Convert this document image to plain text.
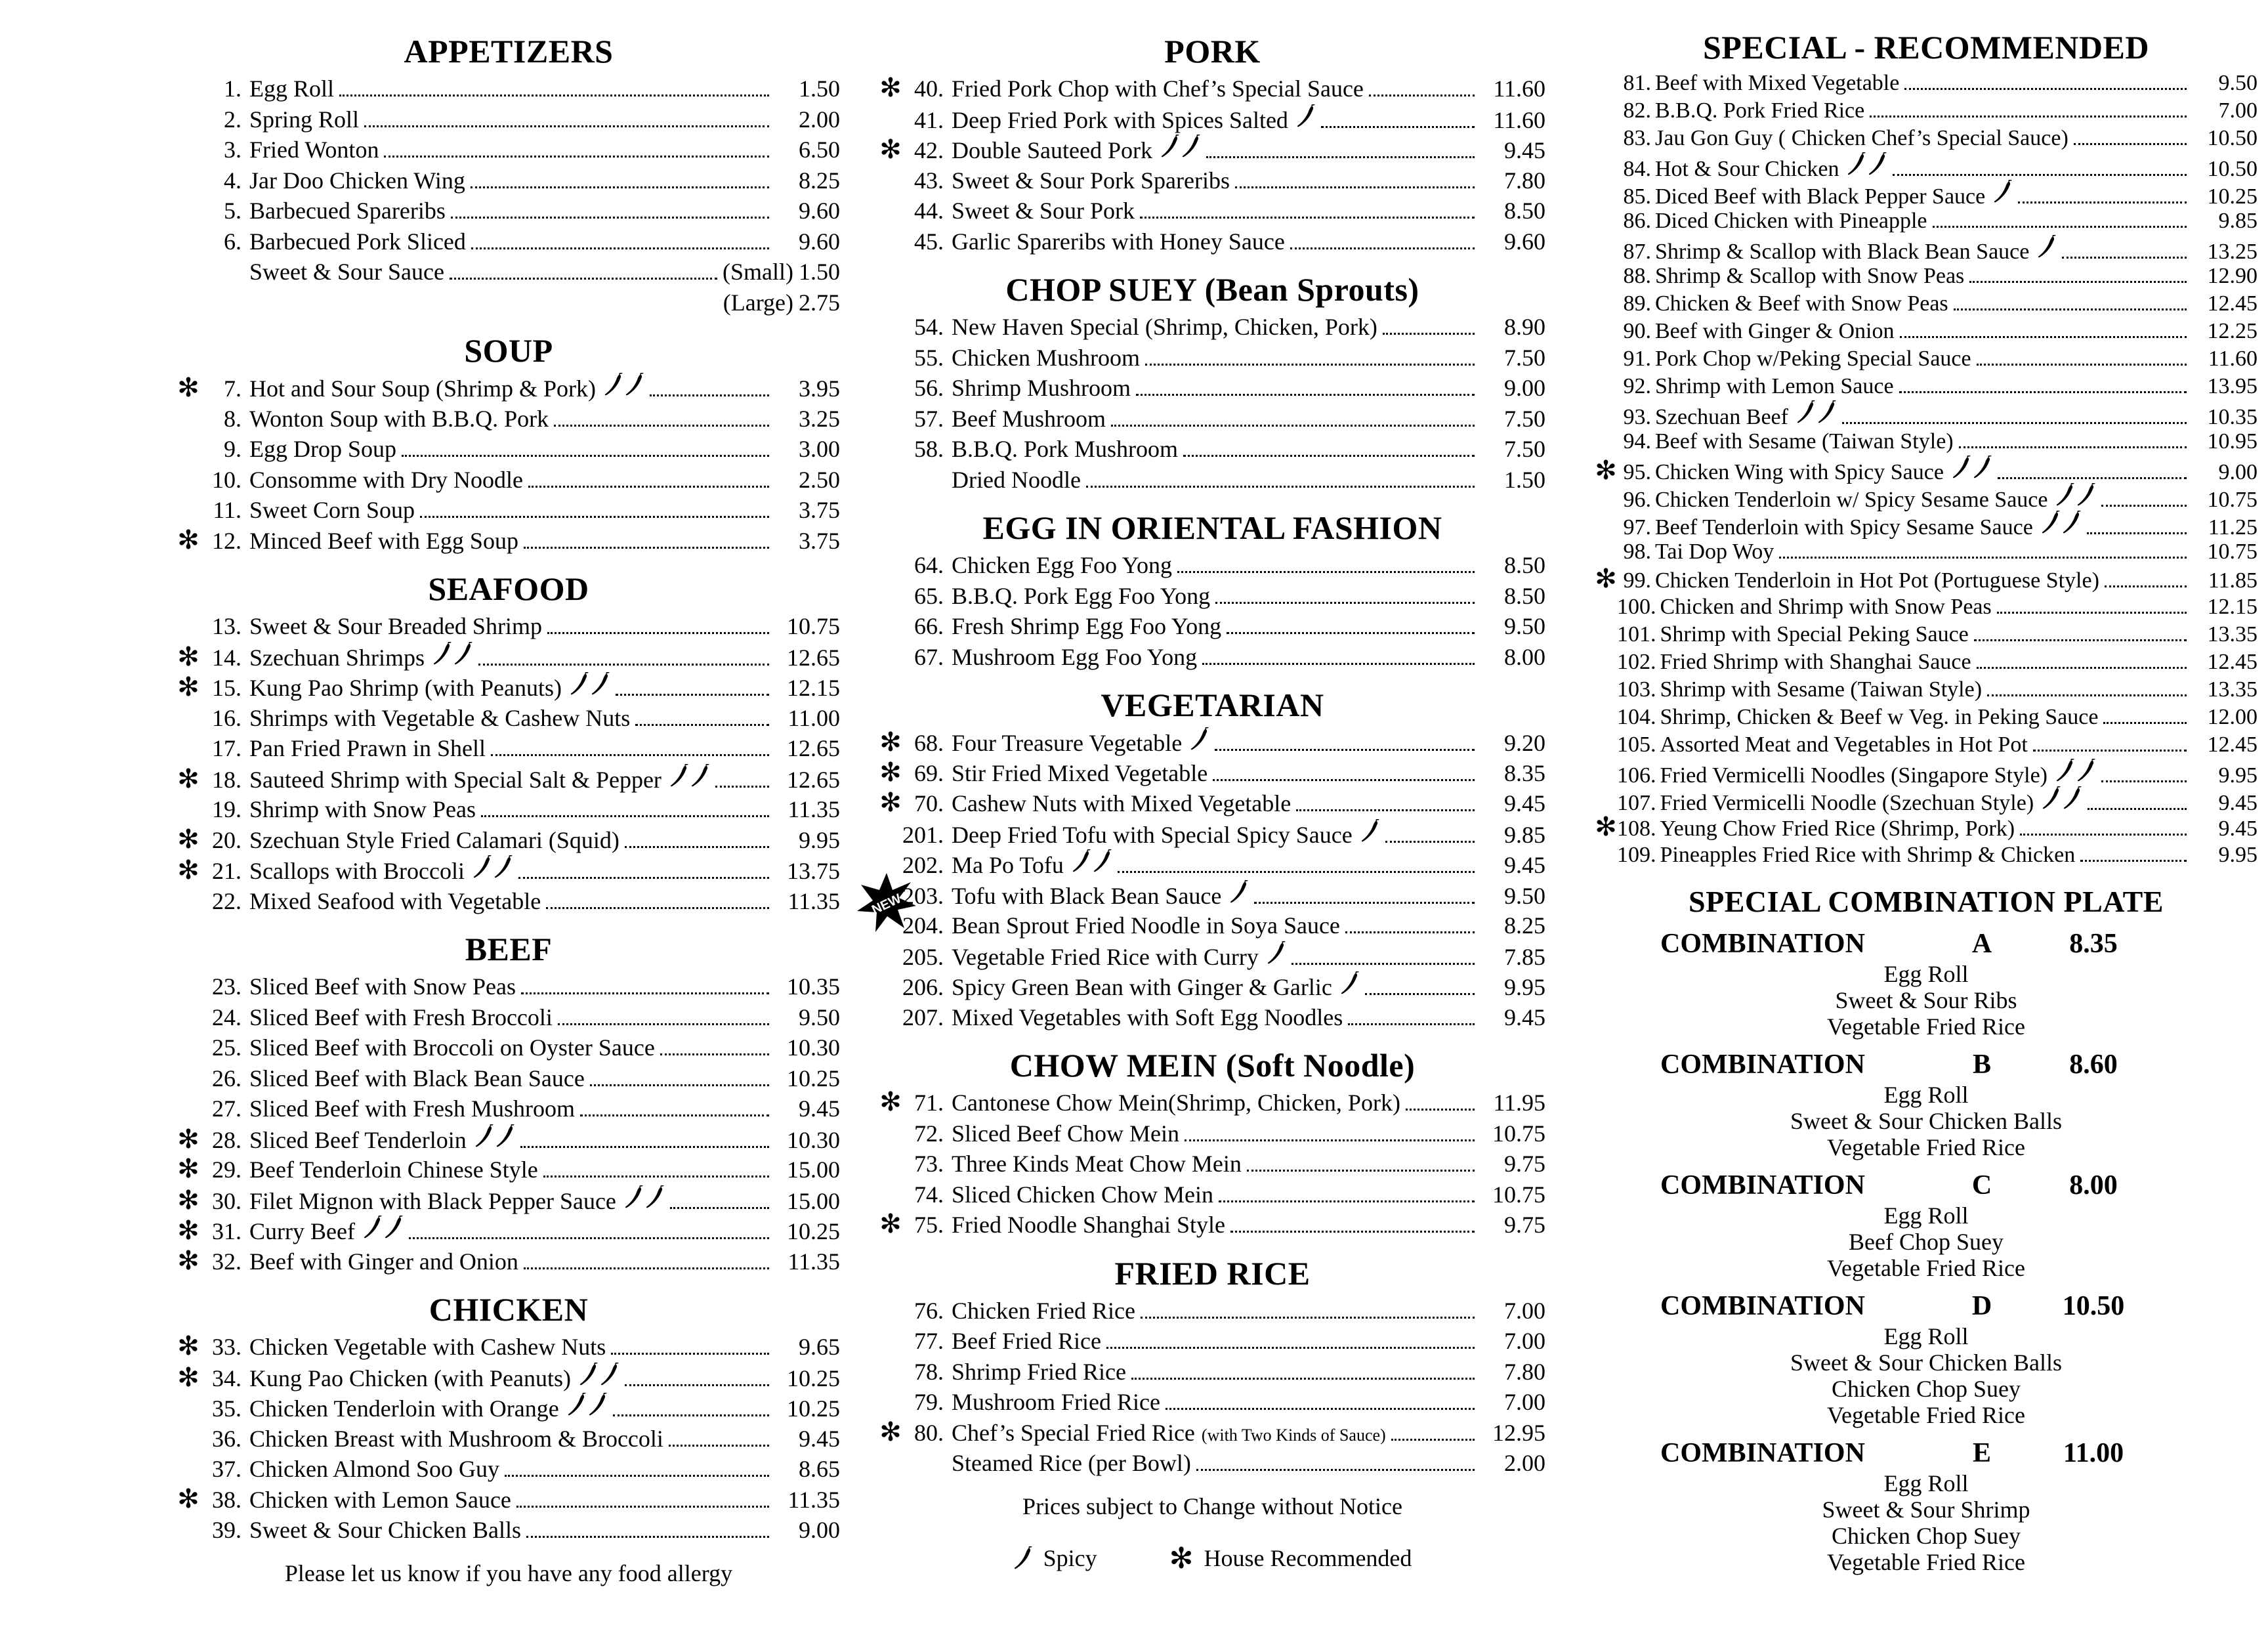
APPETIZERS
1. Egg Roll	1.50
2. Spring Roll	2.00
3. Fried Wonton	6.50
4. Jar Doo Chicken Wing	8.25
5. Barbecued Spareribs	9.60
6. Barbecued Pork Sliced	9.60
Sweet & Sour Sauce	(Small) 1.50
(Large) 2.75
SOUP
✻	7. Hot and Sour Soup (Shrimp & Pork)	3.95
8. Wonton Soup with B.B.Q. Pork	3.25
9. Egg Drop Soup	3.00
10. Consomme with Dry Noodle	2.50
11. Sweet Corn Soup	3.75
✻ 12. Minced Beef with Egg Soup	3.75
SEAFOOD
13. Sweet & Sour Breaded Shrimp	10.75
✻ 14. Szechuan Shrimps	12.65
✻ 15. Kung Pao Shrimp (with Peanuts)	12.15
16. Shrimps with Vegetable & Cashew Nuts	11.00
17. Pan Fried Prawn in Shell	12.65
✻ 18. Sauteed Shrimp with Special Salt & Pepper	12.65
19. Shrimp with Snow Peas	11.35
✻ 20. Szechuan Style Fried Calamari (Squid)	9.95
✻ 21. Scallops with Broccoli	13.75
22. Mixed Seafood with Vegetable	11.35
BEEF
23. Sliced Beef with Snow Peas	10.35
24. Sliced Beef with Fresh Broccoli	9.50
25. Sliced Beef with Broccoli on Oyster Sauce	10.30
26. Sliced Beef with Black Bean Sauce	10.25
27. Sliced Beef with Fresh Mushroom	9.45
✻ 28. Sliced Beef Tenderloin	10.30
✻ 29. Beef Tenderloin Chinese Style	15.00
✻ 30. Filet Mignon with Black Pepper Sauce	15.00
✻ 31. Curry Beef	10.25
✻ 32. Beef with Ginger and Onion	11.35
CHICKEN
✻ 33. Chicken Vegetable with Cashew Nuts	9.65
✻ 34. Kung Pao Chicken (with Peanuts)	10.25
35. Chicken Tenderloin with Orange	10.25
36. Chicken Breast with Mushroom & Broccoli	9.45
37. Chicken Almond Soo Guy	8.65
✻ 38. Chicken with Lemon Sauce	11.35
39. Sweet & Sour Chicken Balls	9.00
Please let us know if you have any food allergy
PORK
✻ 40. Fried Pork Chop with Chef’s Special Sauce	11.60
41. Deep Fried Pork with Spices Salted	11.60
✻ 42. Double Sauteed Pork	9.45
43. Sweet & Sour Pork Spareribs	7.80
44. Sweet & Sour Pork	8.50
45. Garlic Spareribs with Honey Sauce	9.60
CHOP SUEY (Bean Sprouts)
54. New Haven Special (Shrimp, Chicken, Pork)	8.90
55. Chicken Mushroom	7.50
56. Shrimp Mushroom	9.00
57. Beef Mushroom	7.50
58. B.B.Q. Pork Mushroom	7.50
Dried Noodle	1.50
EGG IN ORIENTAL FASHION
64. Chicken Egg Foo Yong	8.50
65. B.B.Q. Pork Egg Foo Yong	8.50
66. Fresh Shrimp Egg Foo Yong	9.50
67. Mushroom Egg Foo Yong	8.00
VEGETARIAN
✻ 68. Four Treasure Vegetable	9.20
✻ 69. Stir Fried Mixed Vegetable	8.35
✻ 70. Cashew Nuts with Mixed Vegetable	9.45
201. Deep Fried Tofu with Special Spicy Sauce	9.85
202. Ma Po Tofu	9.45
203. Tofu with Black Bean Sauce	9.50
204. Bean Sprout Fried Noodle in Soya Sauce	8.25
205. Vegetable Fried Rice with Curry	7.85
206. Spicy Green Bean with Ginger & Garlic	9.95
207. Mixed Vegetables with Soft Egg Noodles	9.45
CHOW MEIN (Soft Noodle)
✻ 71. Cantonese Chow Mein(Shrimp, Chicken, Pork)	11.95
72. Sliced Beef Chow Mein	10.75
73. Three Kinds Meat Chow Mein	9.75
74. Sliced Chicken Chow Mein	10.75
✻ 75. Fried Noodle Shanghai Style	9.75
FRIED RICE
76. Chicken Fried Rice	7.00
77. Beef Fried Rice	7.00
78. Shrimp Fried Rice	7.80
79. Mushroom Fried Rice	7.00
✻ 80. Chef’s Special Fried Rice (with Two Kinds of Sauce)	12.95
Steamed Rice (per Bowl)	2.00
Prices subject to Change without Notice
Spicy	✻ House Recommended
NEW
SPECIAL - RECOMMENDED
81. Beef with Mixed Vegetable	9.50
82. B.B.Q. Pork Fried Rice	7.00
83. Jau Gon Guy ( Chicken Chef’s Special Sauce)	10.50
84. Hot & Sour Chicken	10.50
85. Diced Beef with Black Pepper Sauce	10.25
86. Diced Chicken with Pineapple	9.85
87. Shrimp & Scallop with Black Bean Sauce	13.25
88. Shrimp & Scallop with Snow Peas	12.90
89. Chicken & Beef with Snow Peas	12.45
90. Beef with Ginger & Onion	12.25
91. Pork Chop w/Peking Special Sauce	11.60
92. Shrimp with Lemon Sauce	13.95
93. Szechuan Beef	10.35
94. Beef with Sesame (Taiwan Style)	10.95
✻ 95. Chicken Wing with Spicy Sauce	9.00
96. Chicken Tenderloin w/ Spicy Sesame Sauce	10.75
97. Beef Tenderloin with Spicy Sesame Sauce	11.25
98. Tai Dop Woy	10.75
✻ 99. Chicken Tenderloin in Hot Pot (Portuguese Style)	11.85
100. Chicken and Shrimp with Snow Peas	12.15
101. Shrimp with Special Peking Sauce	13.35
102. Fried Shrimp with Shanghai Sauce	12.45
103. Shrimp with Sesame (Taiwan Style)	13.35
104. Shrimp, Chicken & Beef w Veg. in Peking Sauce	12.00
105. Assorted Meat and Vegetables in Hot Pot	12.45
106. Fried Vermicelli Noodles (Singapore Style)	9.95
107. Fried Vermicelli Noodle (Szechuan Style)	9.45
✻ 108. Yeung Chow Fried Rice (Shrimp, Pork)	9.45
109. Pineapples Fried Rice with Shrimp & Chicken	9.95
SPECIAL COMBINATION PLATE
COMBINATION	A	8.35
Egg Roll
Sweet & Sour Ribs
Vegetable Fried Rice
COMBINATION	B	8.60
Egg Roll
Sweet & Sour Chicken Balls
Vegetable Fried Rice
COMBINATION	C	8.00
Egg Roll
Beef Chop Suey
Vegetable Fried Rice
COMBINATION	D	10.50
Egg Roll
Sweet & Sour Chicken Balls
Chicken Chop Suey
Vegetable Fried Rice
COMBINATION	E	11.00
Egg Roll
Sweet & Sour Shrimp
Chicken Chop Suey
Vegetable Fried Rice
